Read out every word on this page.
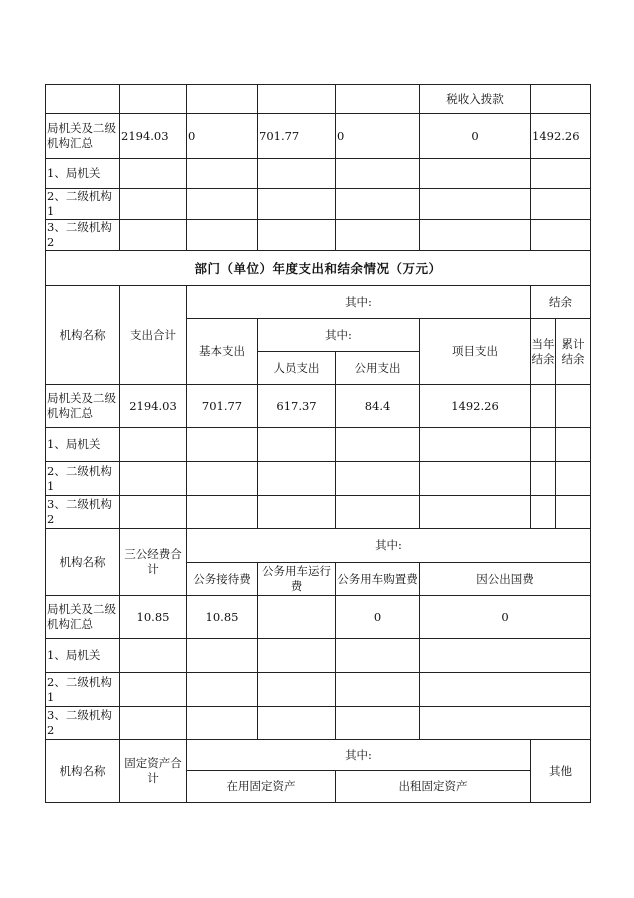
					税收入拨款		
局机关及二级机构汇总	2194.03	0	701.77	0	0	1492.26	
1、局机关							
2、二级机构1							
3、二级机构2							
部门（单位）年度支出和结余情况（万元）							
机构名称	支出合计	其中:				结余	
		基本支出	其中:		项目支出	当年结余	累计结余
			人员支出	公用支出			
局机关及二级机构汇总	2194.03	701.77	617.37	84.4	1492.26		
1、局机关							
2、二级机构1							
3、二级机构2							
机构名称	三公经费合计	其中:					
		公务接待费	公务用车运行费	公务用车购置费	因公出国费		
局机关及二级机构汇总	10.85	10.85		0	0		
1、局机关							
2、二级机构1							
3、二级机构2							
机构名称	固定资产合计	其中:				其他	
		在用固定资产		出租固定资产			
